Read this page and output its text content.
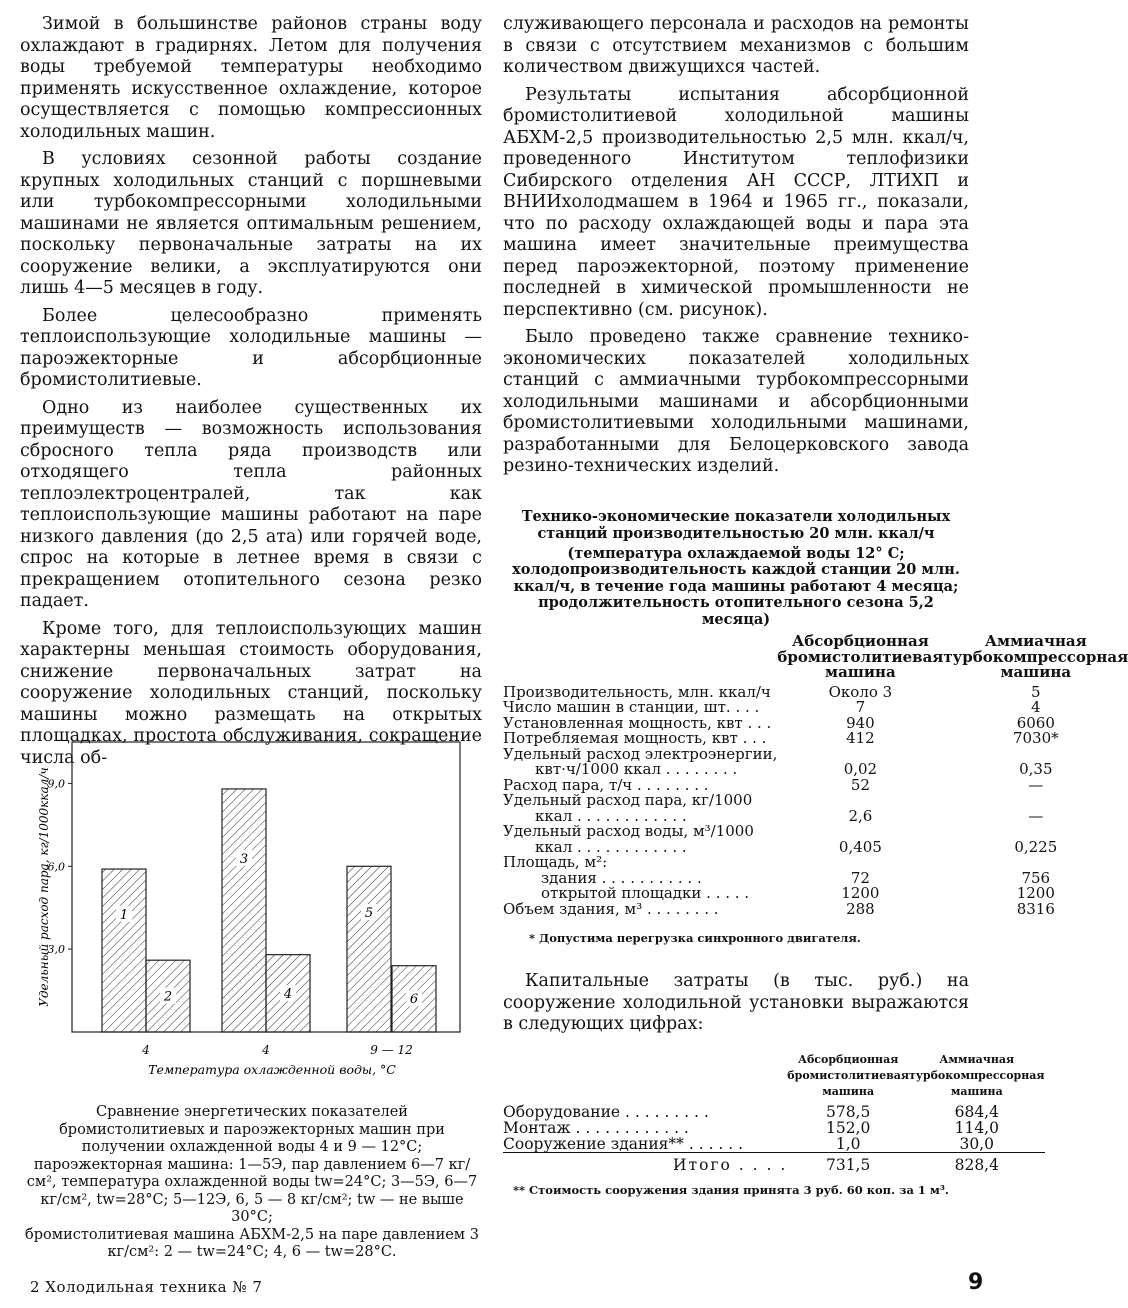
Зимой в большинстве районов страны воду охлаждают в градирнях. Летом для получения воды требуемой температуры необходимо применять искусственное охлаждение, которое осуществляется с помощью компрессионных холодильных машин.

В условиях сезонной работы создание крупных холодильных станций с поршневыми или турбокомпрессорными холодильными машинами не является оптимальным решением, поскольку первоначальные затраты на их сооружение велики, а эксплуатируются они лишь 4—5 месяцев в году.

Более целесообразно применять теплоиспользующие холодильные машины — пароэжекторные и абсорбционные бромистолитиевые.

Одно из наиболее существенных их преимуществ — возможность использования сбросного тепла ряда производств или отходящего тепла районных теплоэлектроцентралей, так как теплоиспользующие машины работают на паре низкого давления (до 2,5 ата) или горячей воде, спрос на которые в летнее время в связи с прекращением отопительного сезона резко падает.

Кроме того, для теплоиспользующих машин характерны меньшая стоимость оборудования, снижение первоначальных затрат на сооружение холодильных станций, поскольку машины можно размещать на открытых площадках, простота обслуживания, сокращение числа об-

3,0
6,0
9,0
1
2
3
4
5
6
4	4	9 — 12
Температура охлажденной воды, °С
Удельный расход пара, кг/1000ккал/ч
Сравнение энергетических показателей бромистолитиевых и пароэжекторных машин при получении охлажденной воды 4 и 9 — 12°С;
пароэжекторная машина: 1—5Э, пар давлением 6—7 кг/см², температура охлажденной воды tw=24°С; 3—5Э, 6—7 кг/см², tw=28°С; 5—12Э, 6, 5 — 8 кг/см²; tw — не выше 30°С;
бромистолитиевая машина АБХМ-2,5 на паре давлением 3 кг/см²: 2 — tw=24°С; 4, 6 — tw=28°С.

служивающего персонала и расходов на ремонты в связи с отсутствием механизмов с большим количеством движущихся частей.

Результаты испытания абсорбционной бромистолитиевой холодильной машины АБХМ-2,5 производительностью 2,5 млн. ккал/ч, проведенного Институтом теплофизики Сибирского отделения АН СССР, ЛТИХП и ВНИИхолодмашем в 1964 и 1965 гг., показали, что по расходу охлаждающей воды и пара эта машина имеет значительные преимущества перед пароэжекторной, поэтому применение последней в химической промышленности не перспективно (см. рисунок).

Было проведено также сравнение технико-экономических показателей холодильных станций с аммиачными турбокомпрессорными холодильными машинами и абсорбционными бромистолитиевыми холодильными машинами, разработанными для Белоцерковского завода резино-технических изделий.

Технико-экономические показатели холодильных станций производительностью 20 млн. ккал/ч
(температура охлаждаемой воды 12° С; холодопроизводительность каждой станции 20 млн. ккал/ч, в течение года машины работают 4 месяца; продолжительность отопительного сезона 5,2 месяца)
	Абсорбционная бромистолитиевая машина	Аммиачная турбокомпрессорная машина
Производительность, млн. ккал/ч	Около 3	5
Число машин в станции, шт. . . .	7	4
Установленная мощность, квт . . .	940	6060
Потребляемая мощность, квт . . .	412	7030*
Удельный расход электроэнергии,		
квт·ч/1000 ккал . . . . . . . .	0,02	0,35
Расход пара, т/ч . . . . . . . .	52	—
Удельный расход пара, кг/1000		
ккал . . . . . . . . . . . .	2,6	—
Удельный расход воды, м³/1000		
ккал . . . . . . . . . . . .	0,405	0,225
Площадь, м²:		
здания . . . . . . . . . . .	72	756
открытой площадки . . . . .	1200	1200
Объем здания, м³ . . . . . . . .	288	8316
* Допустима перегрузка синхронного двигателя.

Капитальные затраты (в тыс. руб.) на сооружение холодильной установки выражаются в следующих цифрах:

	Абсорбционная бромистолитиевая машина	Аммиачная турбокомпрессорная машина
Оборудование . . . . . . . . .	578,5	684,4
Монтаж . . . . . . . . . . . .	152,0	114,0
Сооружение здания** . . . . . .	1,0	30,0
Итого . . . .	731,5	828,4
** Стоимость сооружения здания принята 3 руб. 60 коп. за 1 м³.
2 Холодильная техника № 7	9
